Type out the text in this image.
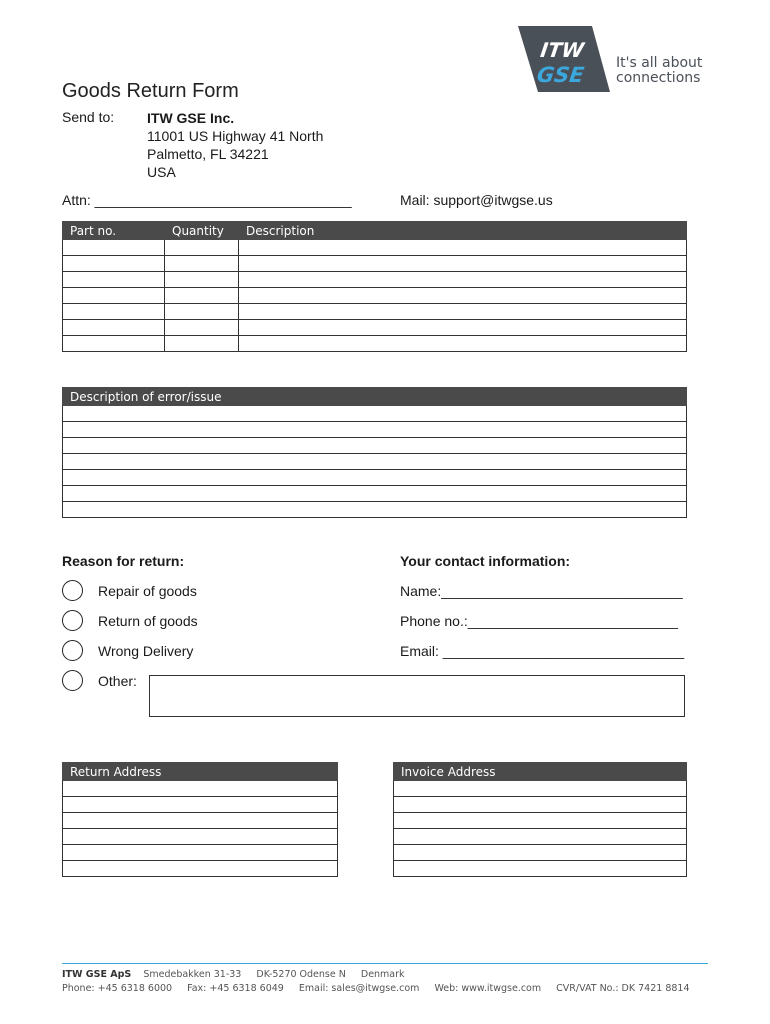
ITW
GSE It's all about
connections
Goods Return Form
Send to: ITW GSE Inc.
11001 US Highway 41 North
Palmetto, FL 34221
USA
Attn: _________________________________	Mail: support@itwgse.us
Part no.	Quantity	Description

Description of error/issue

Reason for return:
Repair of goods
Return of goods
Wrong Delivery
Other:
Your contact information:
Name:_______________________________
Phone no.:___________________________
Email: _______________________________
Return Address	Invoice Address

ITW GSE ApS Smedebakken 31-33 DK-5270 Odense N Denmark
Phone: +45 6318 6000 Fax: +45 6318 6049 Email: sales@itwgse.com Web: www.itwgse.com CVR/VAT No.: DK 7421 8814
